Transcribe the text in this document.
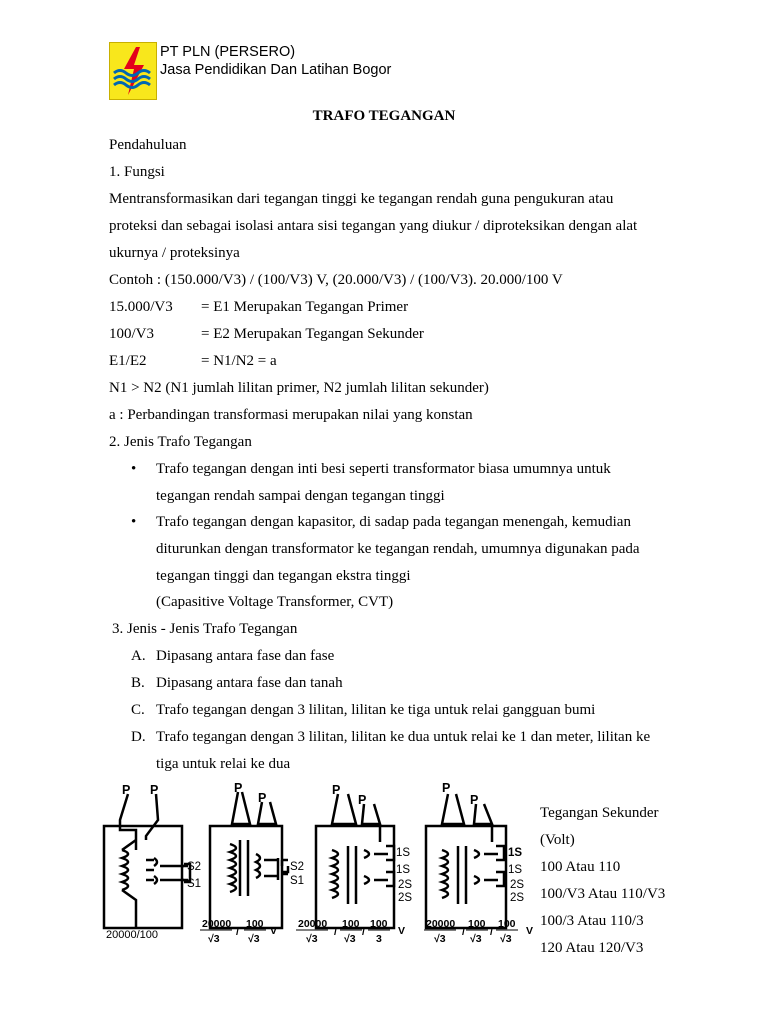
PT PLN (PERSERO)
Jasa Pendidikan Dan Latihan Bogor
TRAFO TEGANGAN
Pendahuluan
1. Fungsi
Mentransformasikan dari tegangan tinggi ke tegangan rendah guna pengukuran atau
proteksi dan sebagai isolasi antara sisi tegangan yang diukur / diproteksikan dengan alat
ukurnya / proteksinya
Contoh : (150.000/V3) / (100/V3) V, (20.000/V3) / (100/V3). 20.000/100 V
15.000/V3 = E1 Merupakan Tegangan Primer
100/V3	= E2 Merupakan Tegangan Sekunder
E1/E2	= N1/N2 = a
N1 > N2 (N1 jumlah lilitan primer, N2 jumlah lilitan sekunder)
a : Perbandingan transformasi merupakan nilai yang konstan
2. Jenis Trafo Tegangan
• Trafo tegangan dengan inti besi seperti transformator biasa umumnya untuk
tegangan rendah sampai dengan tegangan tinggi
• Trafo tegangan dengan kapasitor, di sadap pada tegangan menengah, kemudian
diturunkan dengan transformator ke tegangan rendah, umumnya digunakan pada
tegangan tinggi dan tegangan ekstra tinggi
(Capasitive Voltage Transformer, CVT)
3. Jenis - Jenis Trafo Tegangan
A. Dipasang antara fase dan fase
B. Dipasang antara fase dan tanah
C. Trafo tegangan dengan 3 lilitan, lilitan ke tiga untuk relai gangguan bumi
D. Trafo tegangan dengan 3 lilitan, lilitan ke dua untuk relai ke 1 dan meter, lilitan ke
tiga untuk relai ke dua
P P	P
P
P
P
P
P
S2
S1
S2
S1
1S
1S
2S
2S
1S
1S
2S
2S
20000/100
20000
√3
/
100
√3
V
20000
√3
/
100
√3
/
100
3
V
20000
√3
/
100
√3
/
100
√3
V
Tegangan Sekunder
(Volt)
100 Atau 110
100/V3 Atau 110/V3
100/3 Atau 110/3
120 Atau 120/V3
